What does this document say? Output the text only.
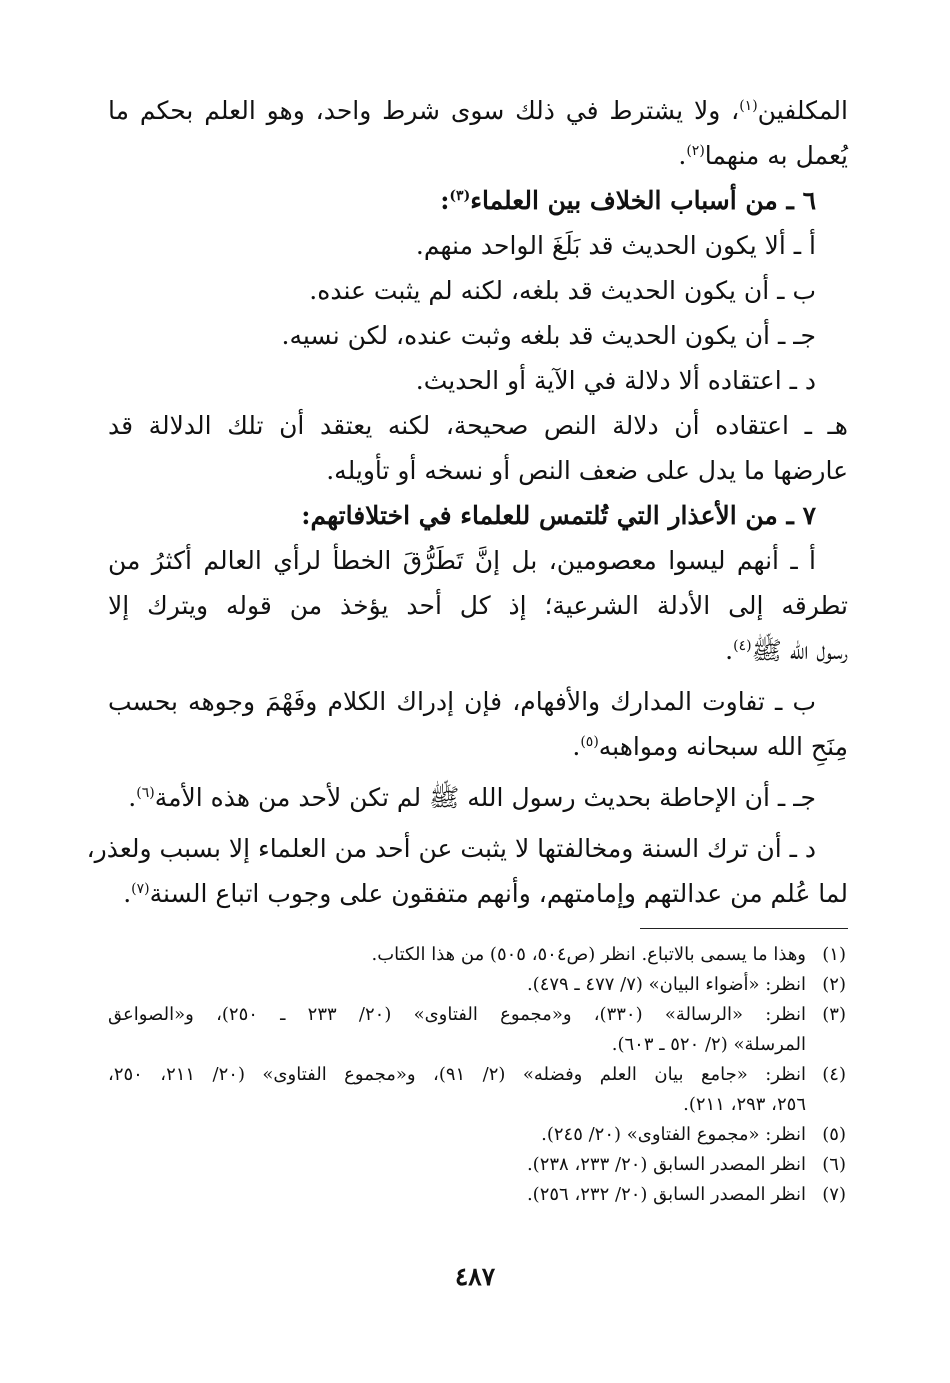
المكلفين$^{(١)}$، ولا يشترط في ذلك سوى شرط واحد، وهو العلم بحكم ما
يُعمل به منهما$^{(٢)}$.
٦ ـ من أسباب الخلاف بين العلماء$^{(٣)}$:
أ ـ ألا يكون الحديث قد بَلَغَ الواحد منهم.
ب ـ أن يكون الحديث قد بلغه، لكنه لم يثبت عنده.
جـ ـ أن يكون الحديث قد بلغه وثبت عنده، لكن نسيه.
د ـ اعتقاده ألا دلالة في الآية أو الحديث.
هـ ـ اعتقاده أن دلالة النص صحيحة، لكنه يعتقد أن تلك الدلالة قد
عارضها ما يدل على ضعف النص أو نسخه أو تأويله.
٧ ـ من الأعذار التي تُلتمس للعلماء في اختلافاتهم:
أ ـ أنهم ليسوا معصومين، بل إنَّ تَطَرُّقَ الخطأ لرأي العالم أكثرُ من
تطرقه إلى الأدلة الشرعية؛ إذ كل أحد يؤخذ من قوله ويترك إلا
رسول الله ﷺ$^{(٤)}$.
ب ـ تفاوت المدارك والأفهام، فإن إدراك الكلام وفَهْمَ وجوهه بحسب
مِنَحِ الله سبحانه ومواهبه$^{(٥)}$.
جـ ـ أن الإحاطة بحديث رسول الله ﷺ لم تكن لأحد من هذه الأمة$^{(٦)}$.
د ـ أن ترك السنة ومخالفتها لا يثبت عن أحد من العلماء إلا بسبب ولعذر،
لما عُلم من عدالتهم وإمامتهم، وأنهم متفقون على وجوب اتباع السنة$^{(٧)}$.
(١)
وهذا ما يسمى بالاتباع. انظر (ص٥٠٤، ٥٠٥) من هذا الكتاب.
(٢)
انظر: «أضواء البيان» (٧/ ٤٧٧ ـ ٤٧٩).
(٣)
انظر: «الرسالة» (٣٣٠)، و«مجموع الفتاوى» (٢٠/ ٢٣٣ ـ ٢٥٠)، و«الصواعق
المرسلة» (٢/ ٥٢٠ ـ ٦٠٣).
(٤)
انظر: «جامع بيان العلم وفضله» (٢/ ٩١)، و«مجموع الفتاوى» (٢٠/ ٢١١، ٢٥٠،
٢٥٦، ٢٩٣، ٢١١).
(٥)
انظر: «مجموع الفتاوى» (٢٠/ ٢٤٥).
(٦)
انظر المصدر السابق (٢٠/ ٢٣٣، ٢٣٨).
(٧)
انظر المصدر السابق (٢٠/ ٢٣٢، ٢٥٦).
٤٨٧
